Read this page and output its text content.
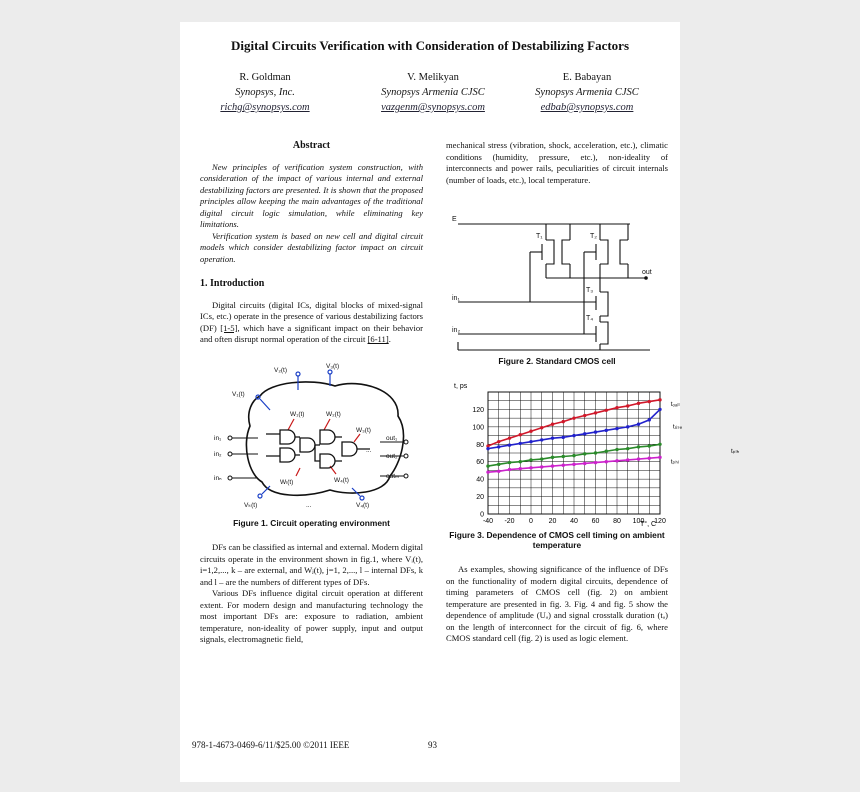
Digital Circuits Verification with Consideration of Destabilizing Factors
R. Goldman
Synopsys, Inc.
richg@synopsys.com
V. Melikyan
Synopsys Armenia CJSC
vazgenm@synopsys.com
E. Babayan
Synopsys Armenia CJSC
edbab@synopsys.com
Abstract

New principles of verification system construction, with consideration of the impact of various internal and external destabilizing factors are presented. It is shown that the proposed principles allow keeping the main advantages of the traditional digital circuit logic simulation, while eliminating key limitations.

Verification system is based on new cell and digital circuit models which consider destabilizing factor impact on circuit operation.

1. Introduction

Digital circuits (digital ICs, digital blocks of mixed-signal ICs, etc.) operate in the presence of various destabilizing factors (DF) [1-5], which have a significant impact on their behavior and often disrupt normal operation of the circuit [6-11].

V₁(t)
V₂(t)
V₃(t)
Vₖ(t)	V₄(t)
...
W₁(t)	W₂(t)
W₃(t)
Wₗ(t)	W₄(t)
in₁
in₂
inₙ
out₁
out₂
outₘ
...
Figure 1. Circuit operating environment

DFs can be classified as internal and external. Modern digital circuits operate in the environment shown in fig.1, where Vᵢ(t), i=1,2,..., k – are external, and Wⱼ(t), j=1, 2,..., l – internal DFs, k and l – are the numbers of different types of DFs.

Various DFs influence digital circuit operation at different extent. For modern design and manufacturing technology the most important DFs are: exposure to radiation, ambient temperature, non-ideality of power supply, input and output signals, electromagnetic field,

mechanical stress (vibration, shock, acceleration, etc.), climatic conditions (humidity, pressure, etc.), non-ideality of interconnects and power rails, peculiarities of circuit internals (number of loads, etc.), local temperature.

E
T₁	T₂
T₃
T₄
in₁
in₂
out
Figure 2. Standard CMOS cell
t, ps
T°, C
0
20
40
60
80
100
120
-40 -20 0 20 40 60 80 100 120
tₒₐₗₗ
tᵣᵢₛₑ
tₚₗₕ
tₚₕₗ
Figure 3. Dependence of CMOS cell timing on ambient temperature

As examples, showing significance of the influence of DFs on the functionality of modern digital circuits, dependence of timing parameters of CMOS cell (fig. 2) on ambient temperature are presented in fig. 3. Fig. 4 and fig. 5 show the dependence of amplitude (Uₐ) and signal crosstalk duration (tₐ) on the length of interconnect for the circuit of fig. 6, where CMOS standard cell (fig. 2) is used as logic element.

978-1-4673-0469-6/11/$25.00 ©2011 IEEE	93
